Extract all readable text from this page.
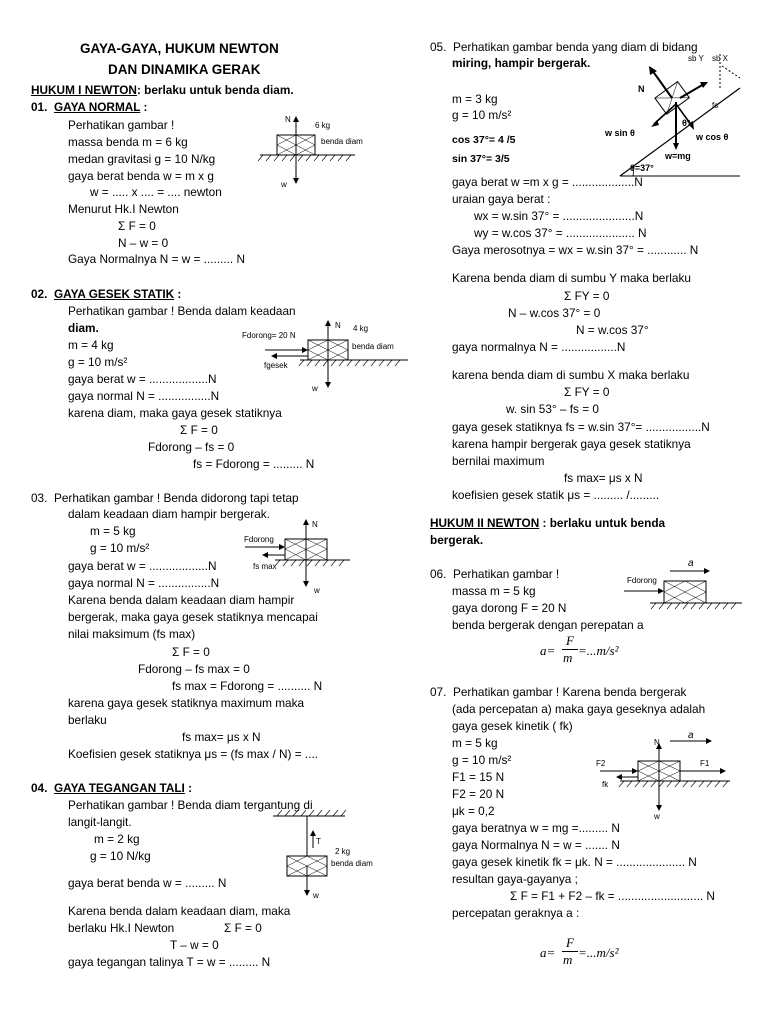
GAYA-GAYA, HUKUM NEWTON
DAN DINAMIKA GERAK
HUKUM I NEWTON: berlaku untuk benda diam.
01. GAYA NORMAL :
Perhatikan gambar !
massa benda m = 6 kg
medan gravitasi g = 10 N/kg
gaya berat benda w = m x g
w = ..... x .... = .... newton
Menurut Hk.I Newton
Σ F = 0
N – w = 0
Gaya Normalnya N = w = ......... N
N
6 kg
benda diam
w
02. GAYA GESEK STATIK :
Perhatikan gambar ! Benda dalam keadaan
diam.
m = 4 kg
g = 10 m/s²
gaya berat w = ..................N
gaya normal N = ................N
karena diam, maka gaya gesek statiknya
Σ F = 0
Fdorong – fs = 0
fs = Fdorong = ......... N
Fdorong= 20 N
N 4 kg
benda diam
fgesek
w
03. Perhatikan gambar ! Benda didorong tapi tetap
dalam keadaan diam hampir bergerak.
m = 5 kg
g = 10 m/s²
gaya berat w = ..................N
gaya normal N = ................N
Karena benda dalam keadaan diam hampir
bergerak, maka gaya gesek statiknya mencapai
nilai maksimum (fs max)
Σ F = 0
Fdorong – fs max = 0
fs max = Fdorong = .......... N
karena gaya gesek statiknya maximum maka
berlaku
fs max= μs x N
Koefisien gesek statiknya μs = (fs max / N) = ....
Fdorong
N
fs max
w
04. GAYA TEGANGAN TALI :
Perhatikan gambar ! Benda diam tergantung di
langit-langit.
m = 2 kg
g = 10 N/kg
gaya berat benda w = ......... N
Karena benda dalam keadaan diam, maka
berlaku Hk.I Newton	Σ F = 0
T – w = 0
gaya tegangan talinya T = w = ......... N
T
2 kg
benda diam
w
05. Perhatikan gambar benda yang diam di bidang
miring, hampir bergerak.
m = 3 kg
g = 10 m/s²
cos 37°= 4 /5
sin 37°= 3/5
gaya berat w =m x g = ...................N
uraian gaya berat :
wx = w.sin 37° = ......................N
wy = w.cos 37° = ..................... N
Gaya merosotnya = wx = w.sin 37° = ............ N
Karena benda diam di sumbu Y maka berlaku
Σ FY = 0
N – w.cos 37° = 0
N = w.cos 37°
gaya normalnya N = .................N
karena benda diam di sumbu X maka berlaku
Σ FY = 0
w. sin 53° – fs = 0
gaya gesek statiknya fs = w.sin 37°= .................N
karena hampir bergerak gaya gesek statiknya
bernilai maximum
fs max= μs x N
koefisien gesek statik μs = ......... /.........
sb Y sb X
N
fs
θ°
w sin θ	w cos θ
w=mg
θ=37°
HUKUM II NEWTON : berlaku untuk benda
bergerak.
06. Perhatikan gambar !
massa m = 5 kg
gaya dorong F = 20 N
benda bergerak dengan perepatan a
a=
F
m =...m/s²
a
Fdorong
07. Perhatikan gambar ! Karena benda bergerak
(ada percepatan a) maka gaya geseknya adalah
gaya gesek kinetik ( fk)
m = 5 kg
g = 10 m/s²
F1 = 15 N
F2 = 20 N
μk = 0,2
gaya beratnya w = mg =......... N
gaya Normalnya N = w = ....... N
gaya gesek kinetik fk = μk. N = ..................... N
resultan gaya-gayanya ;
Σ F = F1 + F2 – fk = .......................... N
percepatan geraknya a :
a=
F
m =...m/s²
N
a
F2	F1
fk
w
